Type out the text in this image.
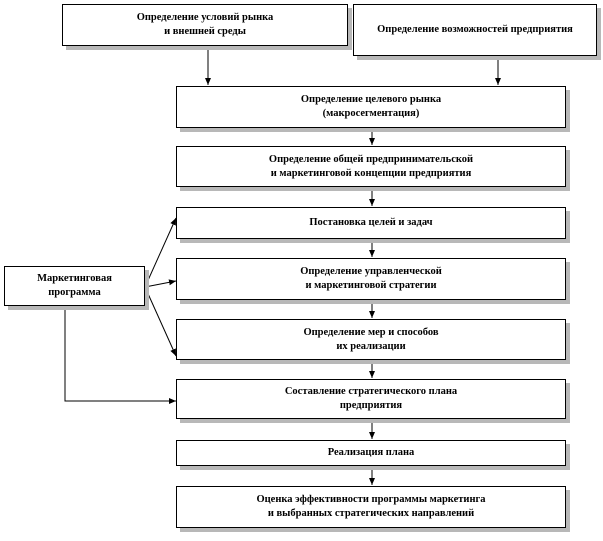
Определение условий рынка
и внешней среды	Определение возможностей предприятия
Определение целевого рынка
(макросегментация)
Определение общей предпринимательской
и маркетинговой концепции предприятия
Постановка целей и задач
Определение управленческой
и маркетинговой стратегии
Определение мер и способов
их реализации
Составление стратегического плана
предприятия
Реализация плана
Оценка эффективности программы маркетинга
и выбранных стратегических направлений
Маркетинговая
программа
